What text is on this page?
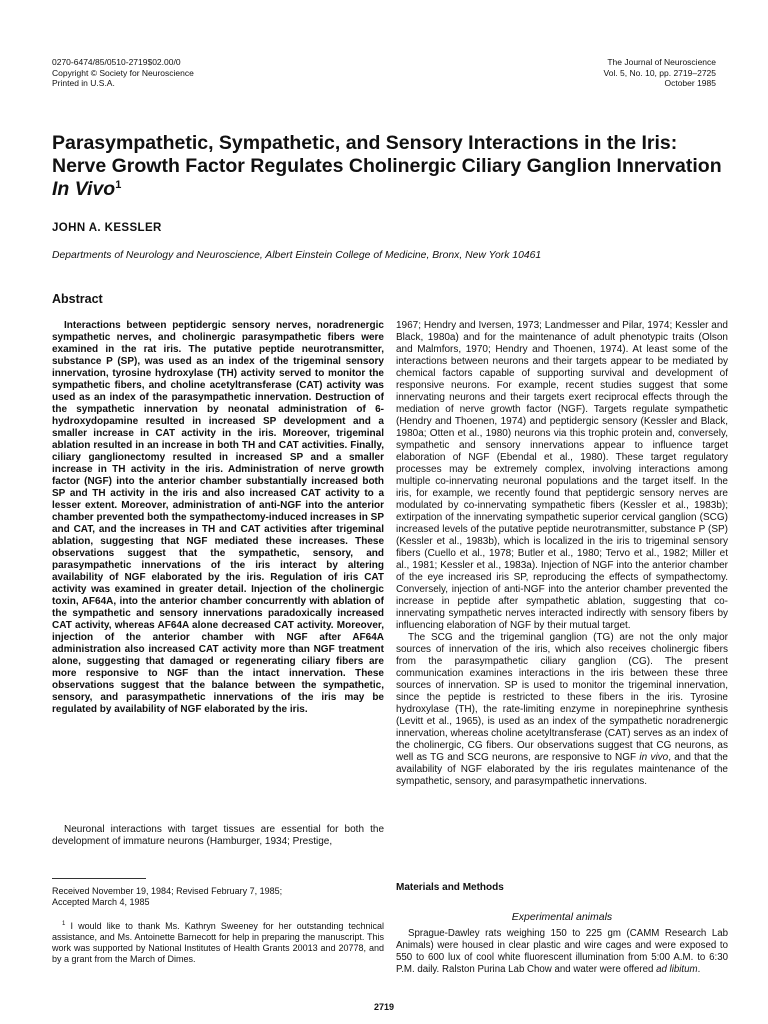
0270-6474/85/0510-2719$02.00/0
Copyright © Society for Neuroscience
Printed in U.S.A.
The Journal of Neuroscience
Vol. 5, No. 10, pp. 2719–2725
October 1985
Parasympathetic, Sympathetic, and Sensory Interactions in the Iris: Nerve Growth Factor Regulates Cholinergic Ciliary Ganglion Innervation In Vivo$^1$
JOHN A. KESSLER
Departments of Neurology and Neuroscience, Albert Einstein College of Medicine, Bronx, New York 10461
Abstract

Interactions between peptidergic sensory nerves, noradrenergic sympathetic nerves, and cholinergic parasympathetic fibers were examined in the rat iris. The putative peptide neurotransmitter, substance P (SP), was used as an index of the trigeminal sensory innervation, tyrosine hydroxylase (TH) activity served to monitor the sympathetic fibers, and choline acetyltransferase (CAT) activity was used as an index of the parasympathetic innervation. Destruction of the sympathetic innervation by neonatal administration of 6-hydroxydopamine resulted in increased SP development and a smaller increase in CAT activity in the iris. Moreover, trigeminal ablation resulted in an increase in both TH and CAT activities. Finally, ciliary ganglionectomy resulted in increased SP and a smaller increase in TH activity in the iris. Administration of nerve growth factor (NGF) into the anterior chamber substantially increased both SP and TH activity in the iris and also increased CAT activity to a lesser extent. Moreover, administration of anti-NGF into the anterior chamber prevented both the sympathectomy-induced increases in SP and CAT, and the increases in TH and CAT activities after trigeminal ablation, suggesting that NGF mediated these increases. These observations suggest that the sympathetic, sensory, and parasympathetic innervations of the iris interact by altering availability of NGF elaborated by the iris. Regulation of iris CAT activity was examined in greater detail. Injection of the cholinergic toxin, AF64A, into the anterior chamber concurrently with ablation of the sympathetic and sensory innervations paradoxically increased CAT activity, whereas AF64A alone decreased CAT activity. Moreover, injection of the anterior chamber with NGF after AF64A administration also increased CAT activity more than NGF treatment alone, suggesting that damaged or regenerating ciliary fibers are more responsive to NGF than the intact innervation. These observations suggest that the balance between the sympathetic, sensory, and parasympathetic innervations of the iris may be regulated by availability of NGF elaborated by the iris.

Neuronal interactions with target tissues are essential for both the development of immature neurons (Hamburger, 1934; Prestige,

1967; Hendry and Iversen, 1973; Landmesser and Pilar, 1974; Kessler and Black, 1980a) and for the maintenance of adult phenotypic traits (Olson and Malmfors, 1970; Hendry and Thoenen, 1974). At least some of the interactions between neurons and their targets appear to be mediated by chemical factors capable of supporting survival and development of responsive neurons. For example, recent studies suggest that some innervating neurons and their targets exert reciprocal effects through the mediation of nerve growth factor (NGF). Targets regulate sympathetic (Hendry and Thoenen, 1974) and peptidergic sensory (Kessler and Black, 1980a; Otten et al., 1980) neurons via this trophic protein and, conversely, sympathetic and sensory innervations appear to influence target elaboration of NGF (Ebendal et al., 1980). These target regulatory processes may be extremely complex, involving interactions among multiple co-innervating neuronal populations and the target itself. In the iris, for example, we recently found that peptidergic sensory nerves are modulated by co-innervating sympathetic fibers (Kessler et al., 1983b); extirpation of the innervating sympathetic superior cervical ganglion (SCG) increased levels of the putative peptide neurotransmitter, substance P (SP) (Kessler et al., 1983b), which is localized in the iris to trigeminal sensory fibers (Cuello et al., 1978; Butler et al., 1980; Tervo et al., 1982; Miller et al., 1981; Kessler et al., 1983a). Injection of NGF into the anterior chamber of the eye increased iris SP, reproducing the effects of sympathectomy. Conversely, injection of anti-NGF into the anterior chamber prevented the increase in peptide after sympathetic ablation, suggesting that co-innervating sympathetic nerves interacted indirectly with sensory fibers by influencing elaboration of NGF by their mutual target.

The SCG and the trigeminal ganglion (TG) are not the only major sources of innervation of the iris, which also receives cholinergic fibers from the parasympathetic ciliary ganglion (CG). The present communication examines interactions in the iris between these three sources of innervation. SP is used to monitor the trigeminal innervation, since the peptide is restricted to these fibers in the iris. Tyrosine hydroxylase (TH), the rate-limiting enzyme in norepinephrine synthesis (Levitt et al., 1965), is used as an index of the sympathetic noradrenergic innervation, whereas choline acetyltransferase (CAT) serves as an index of the cholinergic, CG fibers. Our observations suggest that CG neurons, as well as TG and SCG neurons, are responsive to NGF in vivo, and that the availability of NGF elaborated by the iris regulates maintenance of the sympathetic, sensory, and parasympathetic innervations.

Received November 19, 1984; Revised February 7, 1985;
Accepted March 4, 1985
$^1$ I would like to thank Ms. Kathryn Sweeney for her outstanding technical assistance, and Ms. Antoinette Barnecott for help in preparing the manuscript. This work was supported by National Institutes of Health Grants 20013 and 20778, and by a grant from the March of Dimes.
Materials and Methods
Experimental animals

Sprague-Dawley rats weighing 150 to 225 gm (CAMM Research Lab Animals) were housed in clear plastic and wire cages and were exposed to 550 to 600 lux of cool white fluorescent illumination from 5:00 A.M. to 6:30 P.M. daily. Ralston Purina Lab Chow and water were offered ad libitum.

2719
